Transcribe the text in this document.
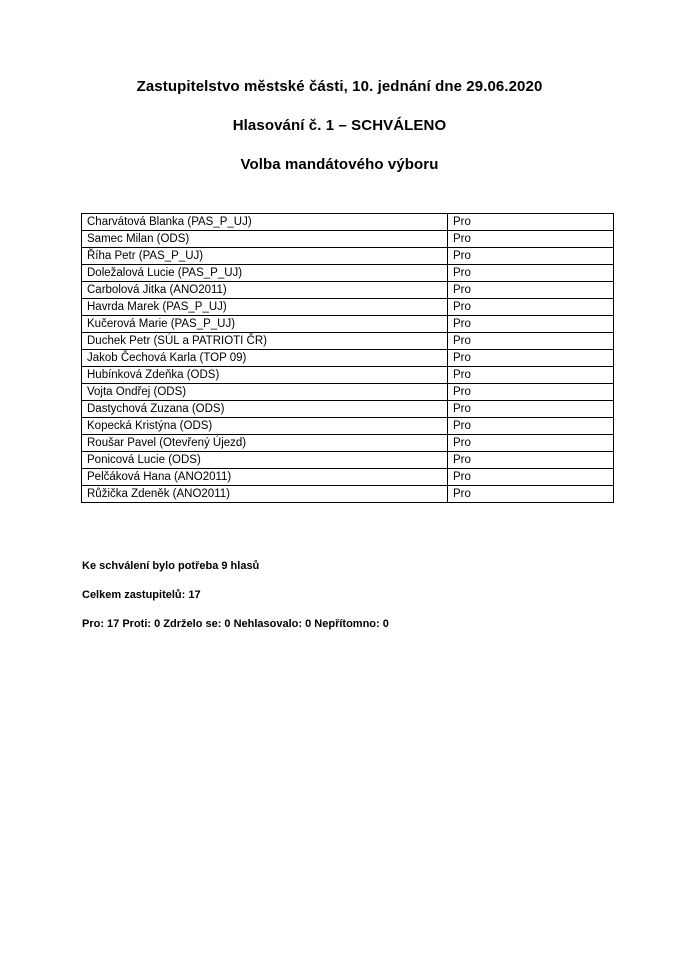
Zastupitelstvo městské části, 10. jednání dne 29.06.2020
Hlasování č. 1 – SCHVÁLENO
Volba mandátového výboru
Charvátová Blanka (PAS_P_UJ)	Pro
Samec Milan (ODS)	Pro
Říha Petr (PAS_P_UJ)	Pro
Doležalová Lucie (PAS_P_UJ)	Pro
Carbolová Jitka (ANO2011)	Pro
Havrda Marek (PAS_P_UJ)	Pro
Kučerová Marie (PAS_P_UJ)	Pro
Duchek Petr (SÚL a PATRIOTI ČR)	Pro
Jakob Čechová Karla (TOP 09)	Pro
Hubínková Zdeňka (ODS)	Pro
Vojta Ondřej (ODS)	Pro
Dastychová Zuzana (ODS)	Pro
Kopecká Kristýna (ODS)	Pro
Roušar Pavel (Otevřený Újezd)	Pro
Ponicová Lucie (ODS)	Pro
Pelčáková Hana (ANO2011)	Pro
Růžička Zdeněk (ANO2011)	Pro

Ke schválení bylo potřeba 9 hlasů

Celkem zastupitelů: 17

Pro: 17 Proti: 0 Zdrželo se: 0 Nehlasovalo: 0 Nepřítomno: 0
